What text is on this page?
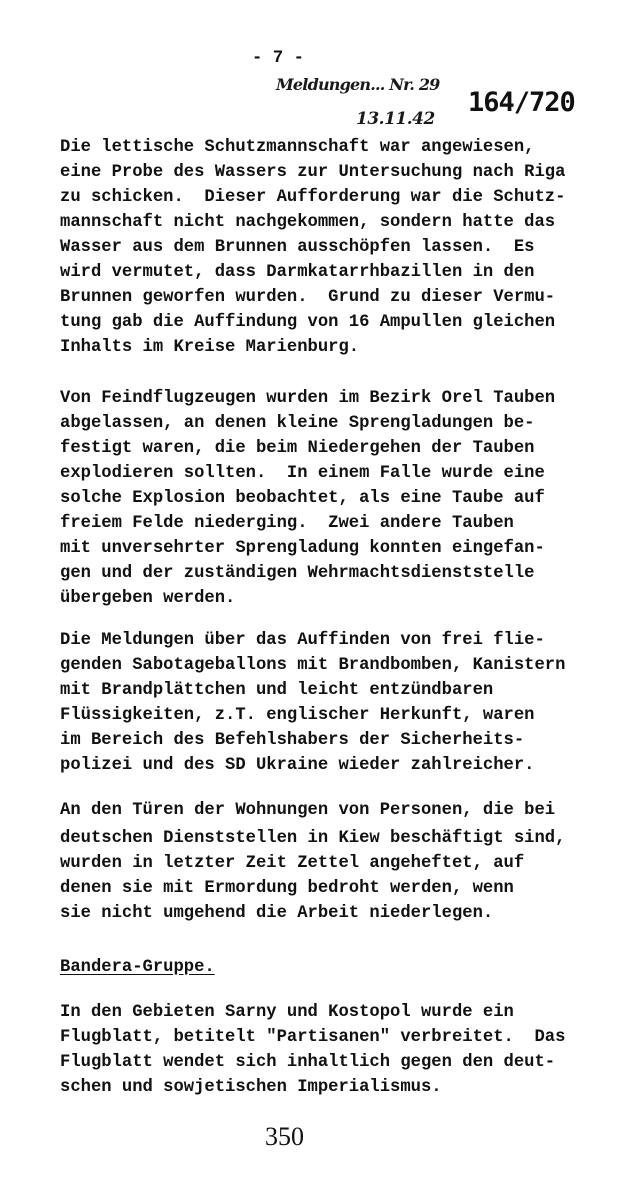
- 7 -
Meldungen... Nr. 29
13.11.42
164/720
Die lettische Schutzmannschaft war angewiesen,
eine Probe des Wassers zur Untersuchung nach Riga
zu schicken.  Dieser Aufforderung war die Schutz-
mannschaft nicht nachgekommen, sondern hatte das
Wasser aus dem Brunnen ausschöpfen lassen.  Es
wird vermutet, dass Darmkatarrhbazillen in den
Brunnen geworfen wurden.  Grund zu dieser Vermu-
tung gab die Auffindung von 16 Ampullen gleichen
Inhalts im Kreise Marienburg.
Von Feindflugzeugen wurden im Bezirk Orel Tauben
abgelassen, an denen kleine Sprengladungen be-
festigt waren, die beim Niedergehen der Tauben
explodieren sollten.  In einem Falle wurde eine
solche Explosion beobachtet, als eine Taube auf
freiem Felde niederging.  Zwei andere Tauben
mit unversehrter Sprengladung konnten eingefan-
gen und der zuständigen Wehrmachtsdienststelle
übergeben werden.
Die Meldungen über das Auffinden von frei flie-
genden Sabotageballons mit Brandbomben, Kanistern
mit Brandplättchen und leicht entzündbaren
Flüssigkeiten, z.T. englischer Herkunft, waren
im Bereich des Befehlshabers der Sicherheits-
polizei und des SD Ukraine wieder zahlreicher.
An den Türen der Wohnungen von Personen, die bei
deutschen Dienststellen in Kiew beschäftigt sind,
wurden in letzter Zeit Zettel angeheftet, auf
denen sie mit Ermordung bedroht werden, wenn
sie nicht umgehend die Arbeit niederlegen.
Bandera-Gruppe.
In den Gebieten Sarny und Kostopol wurde ein
Flugblatt, betitelt "Partisanen" verbreitet.  Das
Flugblatt wendet sich inhaltlich gegen den deut-
schen und sowjetischen Imperialismus.
350
